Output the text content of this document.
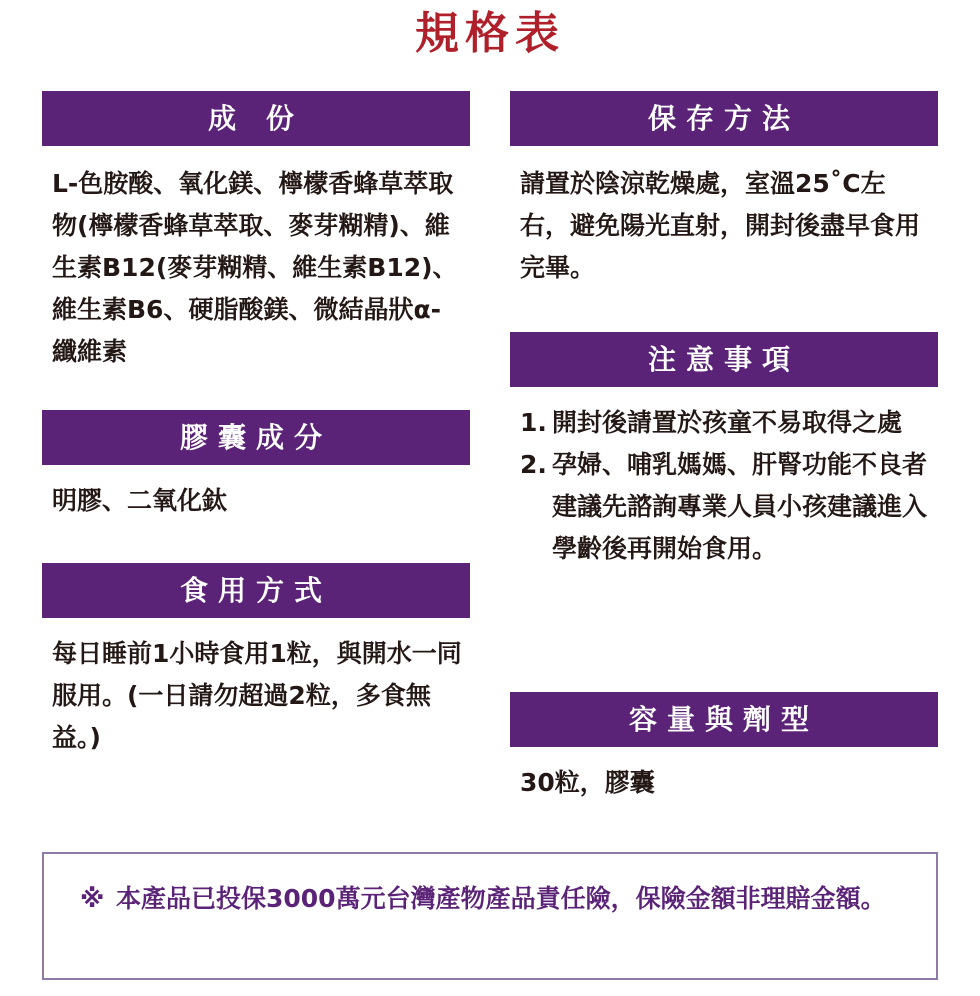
規格表
成 份
L-色胺酸、氧化鎂、檸檬香蜂草萃取物(檸檬香蜂草萃取、麥芽糊精)、維生素B12(麥芽糊精、維生素B12)、維生素B6、硬脂酸鎂、微結晶狀α-纖維素
膠囊成分
明膠、二氧化鈦
食用方式
每日睡前1小時食用1粒，與開水一同服用。(一日請勿超過2粒，多食無益。)
保存方法
請置於陰涼乾燥處，室溫25˚C左右，避免陽光直射，開封後盡早食用完畢。
注意事項
1. 開封後請置於孩童不易取得之處
2. 孕婦、哺乳媽媽、肝腎功能不良者建議先諮詢專業人員小孩建議進入學齡後再開始食用。
容量與劑型
30粒，膠囊
※ 本產品已投保3000萬元台灣產物產品責任險，保險金額非理賠金額。
